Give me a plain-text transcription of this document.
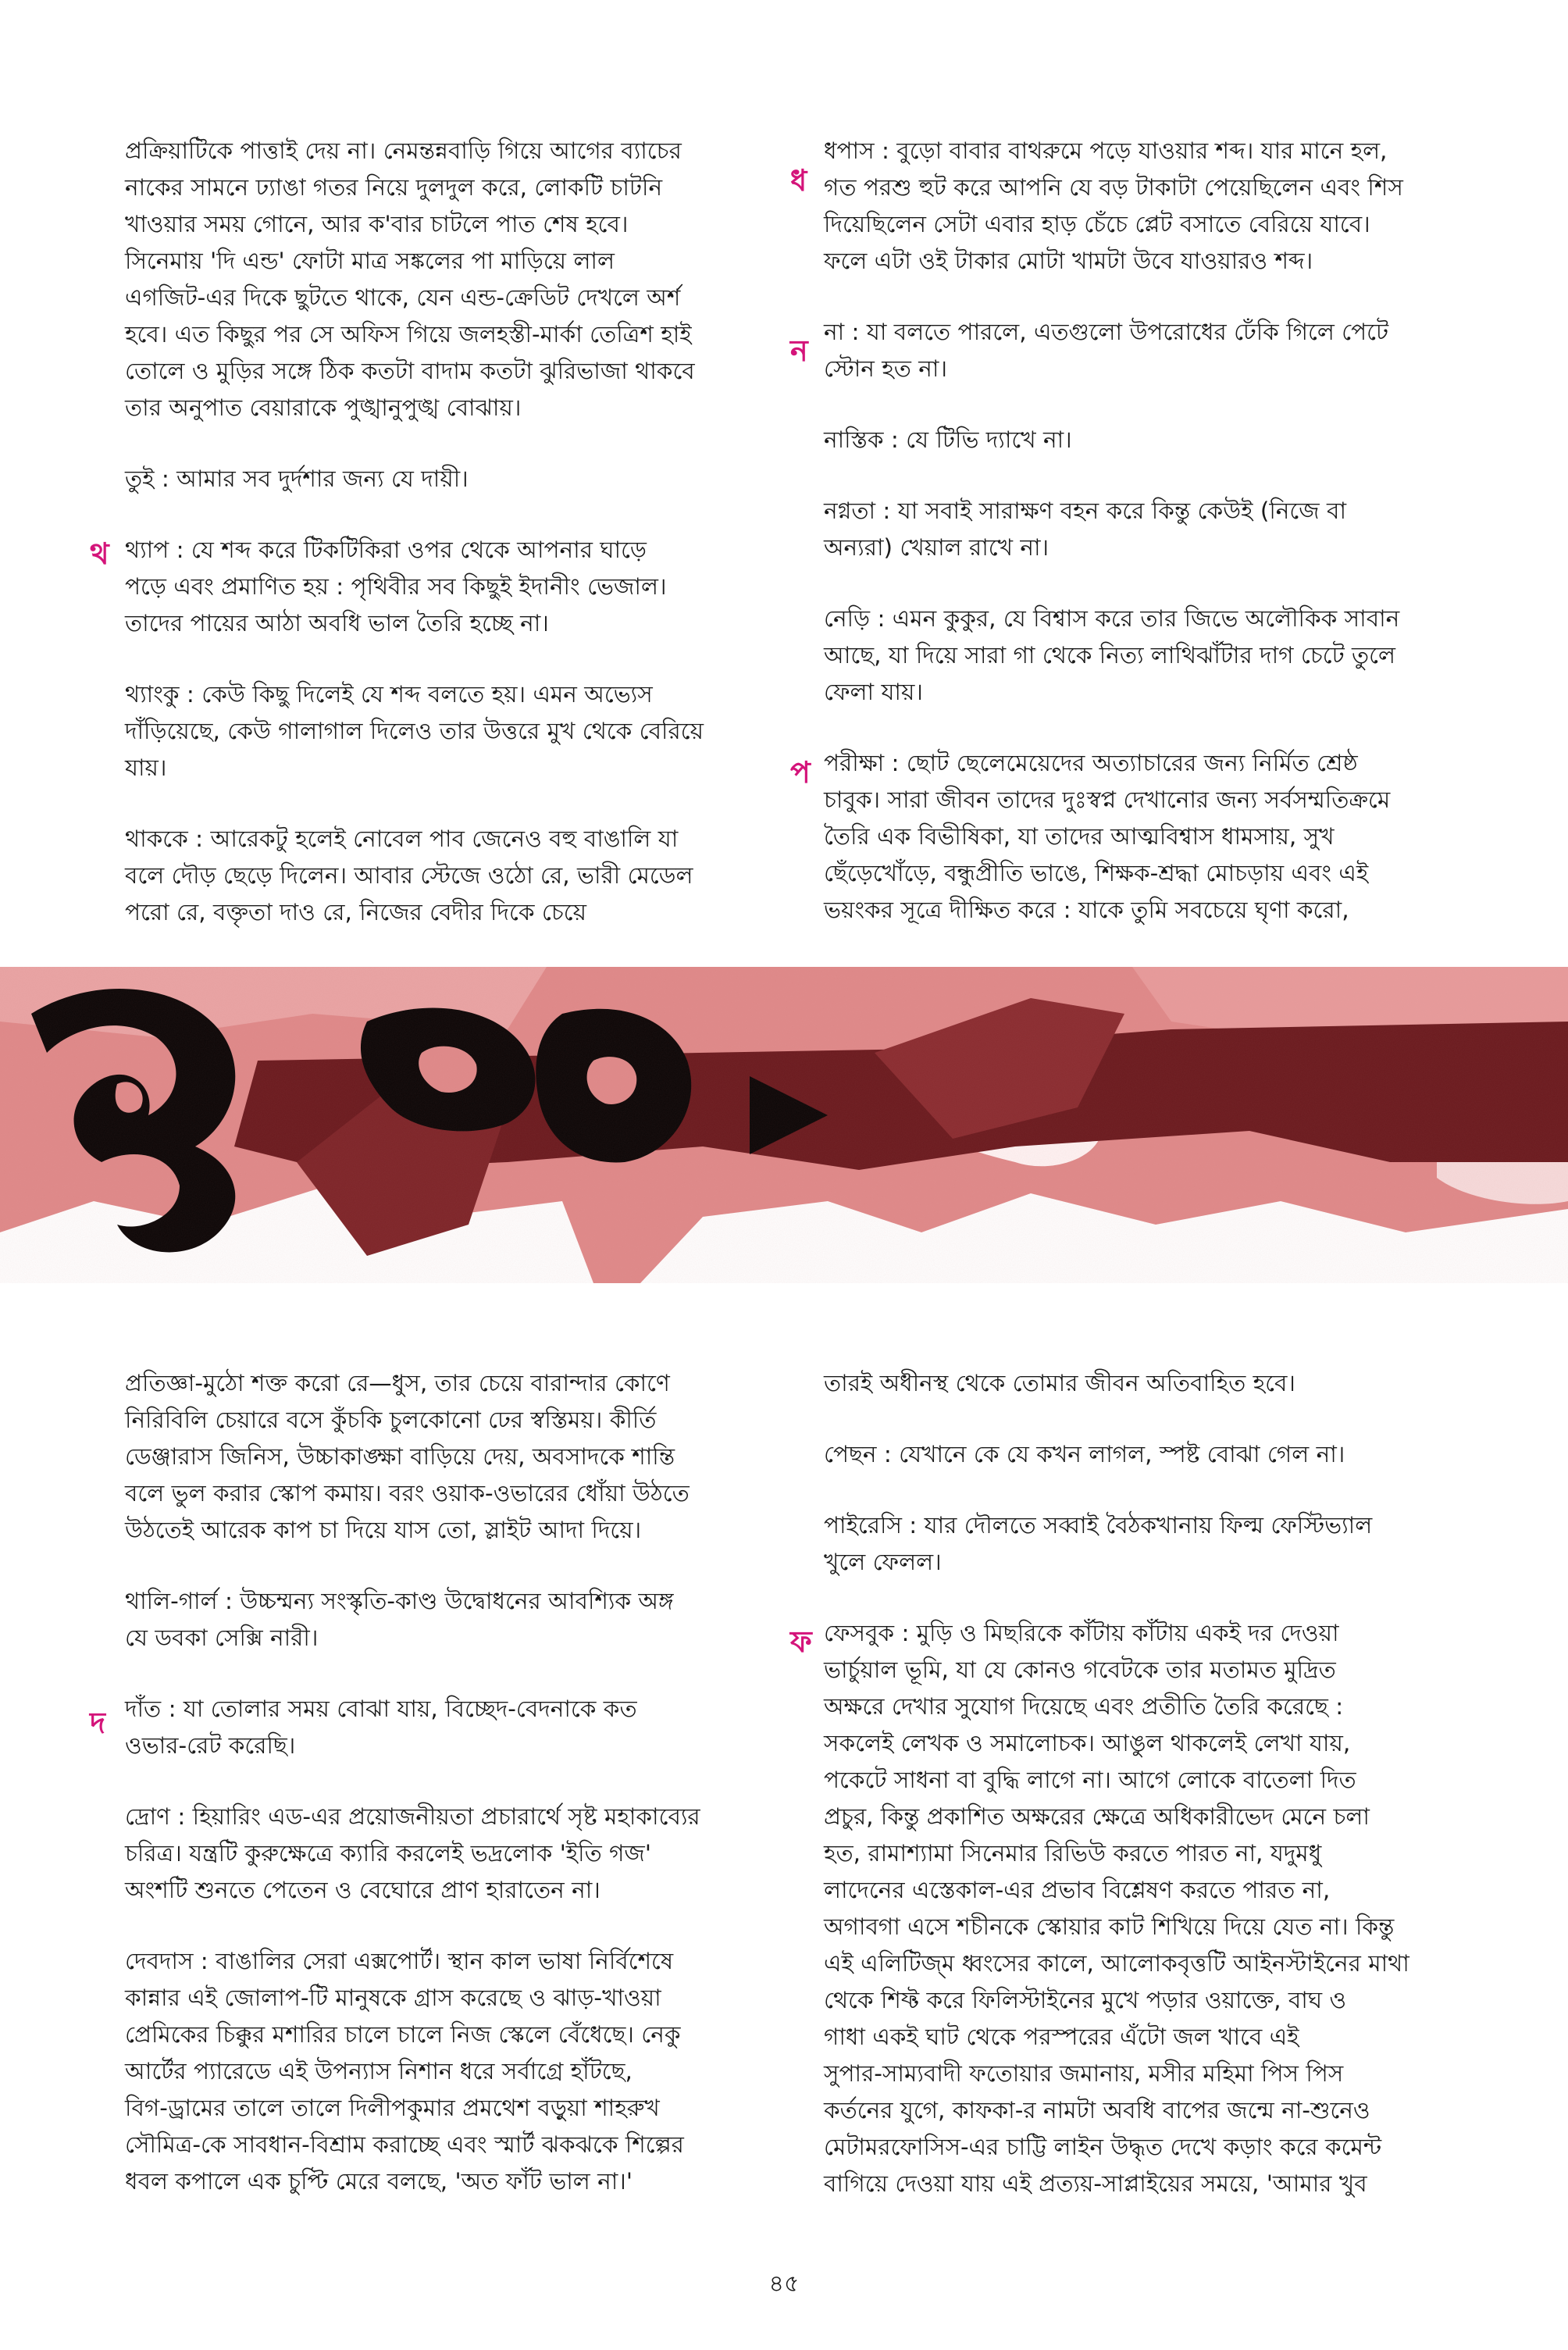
প্রক্রিয়াটিকে পাত্তাই দেয় না। নেমন্তন্নবাড়ি গিয়ে আগের ব্যাচের

নাকের সামনে ঢ্যাঙা গতর নিয়ে দুলদুল করে, লোকটি চাটনি

খাওয়ার সময় গোনে, আর ক'বার চাটলে পাত শেষ হবে।

সিনেমায় 'দি এন্ড' ফোটা মাত্র সঙ্কলের পা মাড়িয়ে লাল

এগজিট-এর দিকে ছুটতে থাকে, যেন এন্ড-ক্রেডিট দেখলে অর্শ

হবে। এত কিছুর পর সে অফিস গিয়ে জলহস্তী-মার্কা তেত্রিশ হাই

তোলে ও মুড়ির সঙ্গে ঠিক কতটা বাদাম কতটা ঝুরিভাজা থাকবে

তার অনুপাত বেয়ারাকে পুঙ্খানুপুঙ্খ বোঝায়।

তুই : আমার সব দুর্দশার জন্য যে দায়ী।

থ্যাপ : যে শব্দ করে টিকটিকিরা ওপর থেকে আপনার ঘাড়ে

পড়ে এবং প্রমাণিত হয় : পৃথিবীর সব কিছুই ইদানীং ভেজাল।

তাদের পায়ের আঠা অবধি ভাল তৈরি হচ্ছে না।

থ্যাংকু : কেউ কিছু দিলেই যে শব্দ বলতে হয়। এমন অভ্যেস

দাঁড়িয়েছে, কেউ গালাগাল দিলেও তার উত্তরে মুখ থেকে বেরিয়ে

যায়।

থাককে : আরেকটু হলেই নোবেল পাব জেনেও বহু বাঙালি যা

বলে দৌড় ছেড়ে দিলেন। আবার স্টেজে ওঠো রে, ভারী মেডেল

পরো রে, বক্তৃতা দাও রে, নিজের বেদীর দিকে চেয়ে

ধপাস : বুড়ো বাবার বাথরুমে পড়ে যাওয়ার শব্দ। যার মানে হল,

গত পরশু হুট করে আপনি যে বড় টাকাটা পেয়েছিলেন এবং শিস

দিয়েছিলেন সেটা এবার হাড় চেঁচে প্লেট বসাতে বেরিয়ে যাবে।

ফলে এটা ওই টাকার মোটা খামটা উবে যাওয়ারও শব্দ।

না : যা বলতে পারলে, এতগুলো উপরোধের ঢেঁকি গিলে পেটে

স্টোন হত না।

নাস্তিক : যে টিভি দ্যাখে না।

নগ্নতা : যা সবাই সারাক্ষণ বহন করে কিন্তু কেউই (নিজে বা

অন্যরা) খেয়াল রাখে না।

নেড়ি : এমন কুকুর, যে বিশ্বাস করে তার জিভে অলৌকিক সাবান

আছে, যা দিয়ে সারা গা থেকে নিত্য লাথিঝাঁটার দাগ চেটে তুলে

ফেলা যায়।

পরীক্ষা : ছোট ছেলেমেয়েদের অত্যাচারের জন্য নির্মিত শ্রেষ্ঠ

চাবুক। সারা জীবন তাদের দুঃস্বপ্ন দেখানোর জন্য সর্বসম্মতিক্রমে

তৈরি এক বিভীষিকা, যা তাদের আত্মবিশ্বাস ধামসায়, সুখ

ছেঁড়েখোঁড়ে, বন্ধুপ্রীতি ভাঙে, শিক্ষক-শ্রদ্ধা মোচড়ায় এবং এই

ভয়ংকর সূত্রে দীক্ষিত করে : যাকে তুমি সবচেয়ে ঘৃণা করো,

প্রতিজ্ঞা-মুঠো শক্ত করো রে—ধুস, তার চেয়ে বারান্দার কোণে

নিরিবিলি চেয়ারে বসে কুঁচকি চুলকোনো ঢের স্বস্তিময়। কীর্তি

ডেঞ্জারাস জিনিস, উচ্চাকাঙ্ক্ষা বাড়িয়ে দেয়, অবসাদকে শান্তি

বলে ভুল করার স্কোপ কমায়। বরং ওয়াক-ওভারের ধোঁয়া উঠতে

উঠতেই আরেক কাপ চা দিয়ে যাস তো, স্লাইট আদা দিয়ে।

থালি-গার্ল : উচ্চম্মন্য সংস্কৃতি-কাণ্ড উদ্বোধনের আবশ্যিক অঙ্গ

যে ডবকা সেক্সি নারী।

দাঁত : যা তোলার সময় বোঝা যায়, বিচ্ছেদ-বেদনাকে কত

ওভার-রেট করেছি।

দ্রোণ : হিয়ারিং এড-এর প্রয়োজনীয়তা প্রচারার্থে সৃষ্ট মহাকাব্যের

চরিত্র। যন্ত্রটি কুরুক্ষেত্রে ক্যারি করলেই ভদ্রলোক 'ইতি গজ'

অংশটি শুনতে পেতেন ও বেঘোরে প্রাণ হারাতেন না।

দেবদাস : বাঙালির সেরা এক্সপোর্ট। স্থান কাল ভাষা নির্বিশেষে

কান্নার এই জোলাপ-টি মানুষকে গ্রাস করেছে ও ঝাড়-খাওয়া

প্রেমিকের চিক্কুর মশারির চালে চালে নিজ স্কেলে বেঁধেছে। নেকু

আর্টের প্যারেডে এই উপন্যাস নিশান ধরে সর্বাগ্রে হাঁটছে,

বিগ-ড্রামের তালে তালে দিলীপকুমার প্রমথেশ বড়ুয়া শাহরুখ

সৌমিত্র-কে সাবধান-বিশ্রাম করাচ্ছে এবং স্মার্ট ঝকঝকে শিল্পের

ধবল কপালে এক চুপ্টি মেরে বলছে, 'অত ফাঁট ভাল না।'

তারই অধীনস্থ থেকে তোমার জীবন অতিবাহিত হবে।

পেছন : যেখানে কে যে কখন লাগল, স্পষ্ট বোঝা গেল না।

পাইরেসি : যার দৌলতে সব্বাই বৈঠকখানায় ফিল্ম ফেস্টিভ্যাল

খুলে ফেলল।

ফেসবুক : মুড়ি ও মিছরিকে কাঁটায় কাঁটায় একই দর দেওয়া

ভার্চুয়াল ভূমি, যা যে কোনও গবেটকে তার মতামত মুদ্রিত

অক্ষরে দেখার সুযোগ দিয়েছে এবং প্রতীতি তৈরি করেছে :

সকলেই লেখক ও সমালোচক। আঙুল থাকলেই লেখা যায়,

পকেটে সাধনা বা বুদ্ধি লাগে না। আগে লোকে বাতেলা দিত

প্রচুর, কিন্তু প্রকাশিত অক্ষরের ক্ষেত্রে অধিকারীভেদ মেনে চলা

হত, রামাশ্যামা সিনেমার রিভিউ করতে পারত না, যদুমধু

লাদেনের এস্তেকাল-এর প্রভাব বিশ্লেষণ করতে পারত না,

অগাবগা এসে শচীনকে স্কোয়ার কাট শিখিয়ে দিয়ে যেত না। কিন্তু

এই এলিটিজ্ম ধ্বংসের কালে, আলোকবৃত্তটি আইনস্টাইনের মাথা

থেকে শিফ্ট করে ফিলিস্টাইনের মুখে পড়ার ওয়াক্তে, বাঘ ও

গাধা একই ঘাট থেকে পরস্পরের এঁটো জল খাবে এই

সুপার-সাম্যবাদী ফতোয়ার জমানায়, মসীর মহিমা পিস পিস

কর্তনের যুগে, কাফকা-র নামটা অবধি বাপের জন্মে না-শুনেও

মেটামরফোসিস-এর চাট্টি লাইন উদ্ধৃত দেখে কড়াং করে কমেন্ট

বাগিয়ে দেওয়া যায় এই প্রত্যয়-সাপ্লাইয়ের সময়ে, 'আমার খুব

থ
ধ
ন
প
দ
ফ
৪৫
